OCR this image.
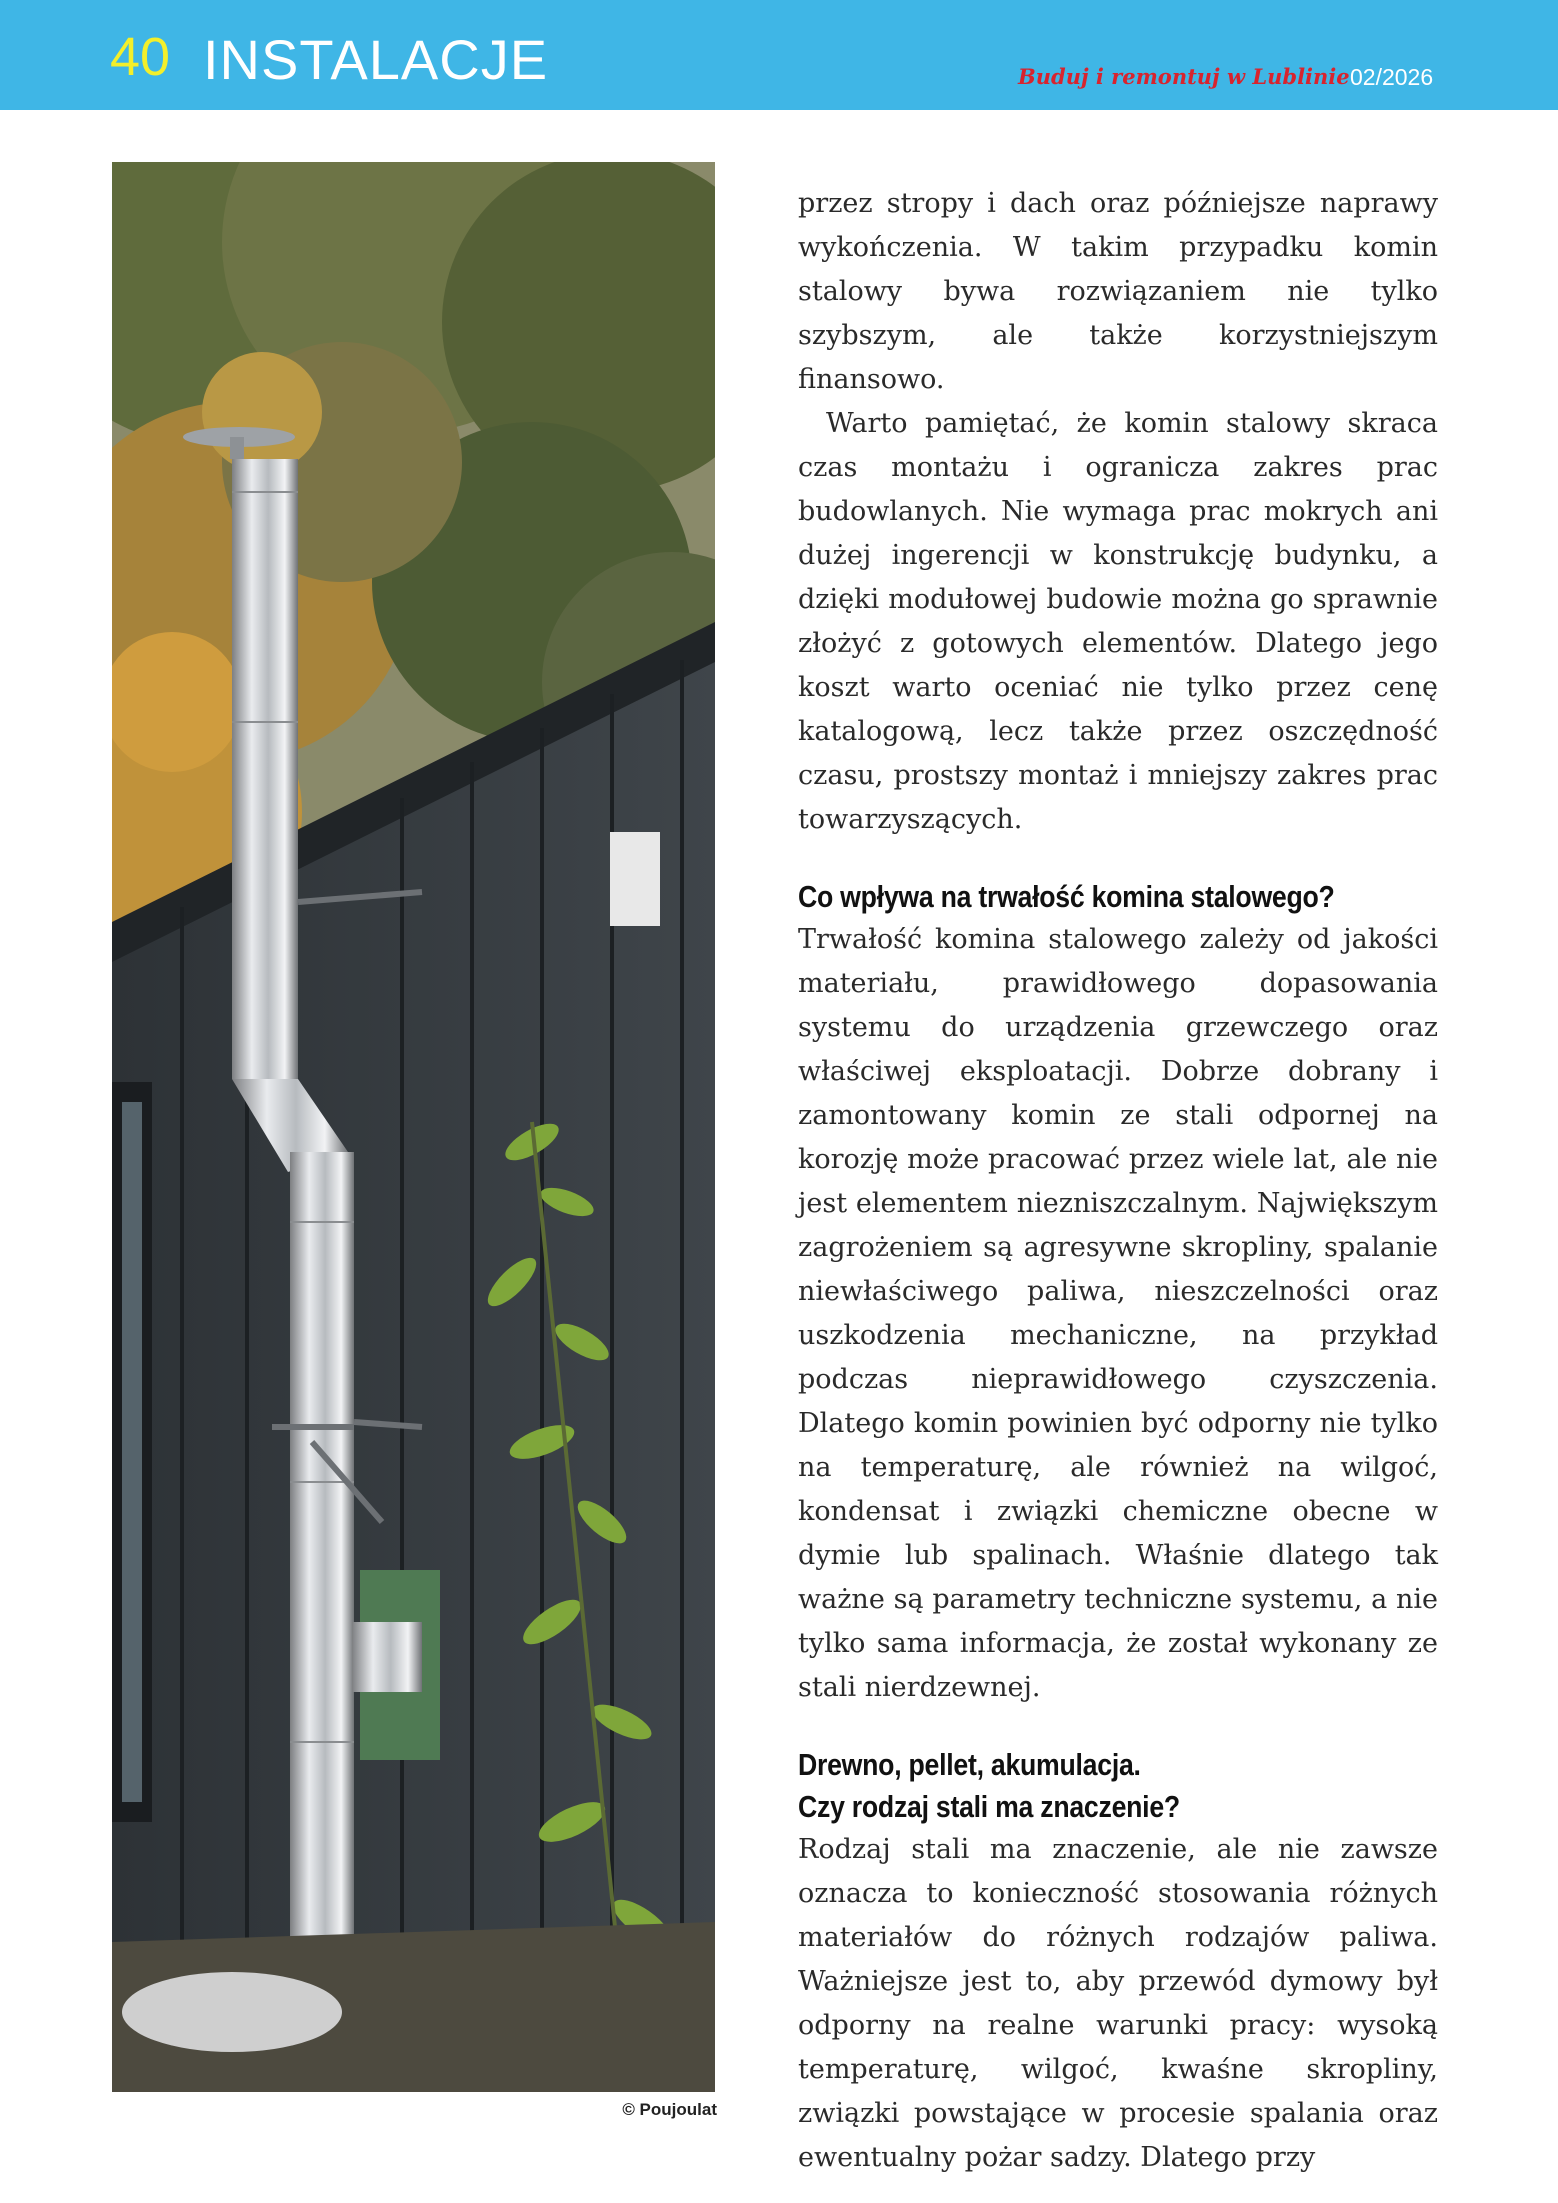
40 INSTALACJE	Buduj i remontuj w Lublinie 02/2026
© Poujoulat

przez stropy i dach oraz późniejsze naprawy wykończenia. W takim przypadku komin stalowy bywa rozwiązaniem nie tylko szybszym, ale także korzystniejszym finansowo.

Warto pamiętać, że komin stalowy skraca czas montażu i ogranicza zakres prac budowlanych. Nie wymaga prac mokrych ani dużej ingerencji w konstrukcję budynku, a dzięki modułowej budowie można go sprawnie złożyć z gotowych elementów. Dlatego jego koszt warto oceniać nie tylko przez cenę katalogową, lecz także przez oszczędność czasu, prostszy montaż i mniejszy zakres prac towarzyszących.

Co wpływa na trwałość komina stalowego?

Trwałość komina stalowego zależy od jakości materiału, prawidłowego dopasowania systemu do urządzenia grzewczego oraz właściwej eksploatacji. Dobrze dobrany i zamontowany komin ze stali odpornej na korozję może pracować przez wiele lat, ale nie jest elementem niezniszczalnym. Największym zagrożeniem są agresywne skropliny, spalanie niewłaściwego paliwa, nieszczelności oraz uszkodzenia mechaniczne, na przykład podczas nieprawidłowego czyszczenia. Dlatego komin powinien być odporny nie tylko na temperaturę, ale również na wilgoć, kondensat i związki chemiczne obecne w dymie lub spalinach. Właśnie dlatego tak ważne są parametry techniczne systemu, a nie tylko sama informacja, że został wykonany ze stali nierdzewnej.

Drewno, pellet, akumulacja.
Czy rodzaj stali ma znaczenie?

Rodzaj stali ma znaczenie, ale nie zawsze oznacza to konieczność stosowania różnych materiałów do różnych rodzajów paliwa. Ważniejsze jest to, aby przewód dymowy był odporny na realne warunki pracy: wysoką temperaturę, wilgoć, kwaśne skropliny, związki powstające w procesie spalania oraz ewentualny pożar sadzy. Dlatego przy
